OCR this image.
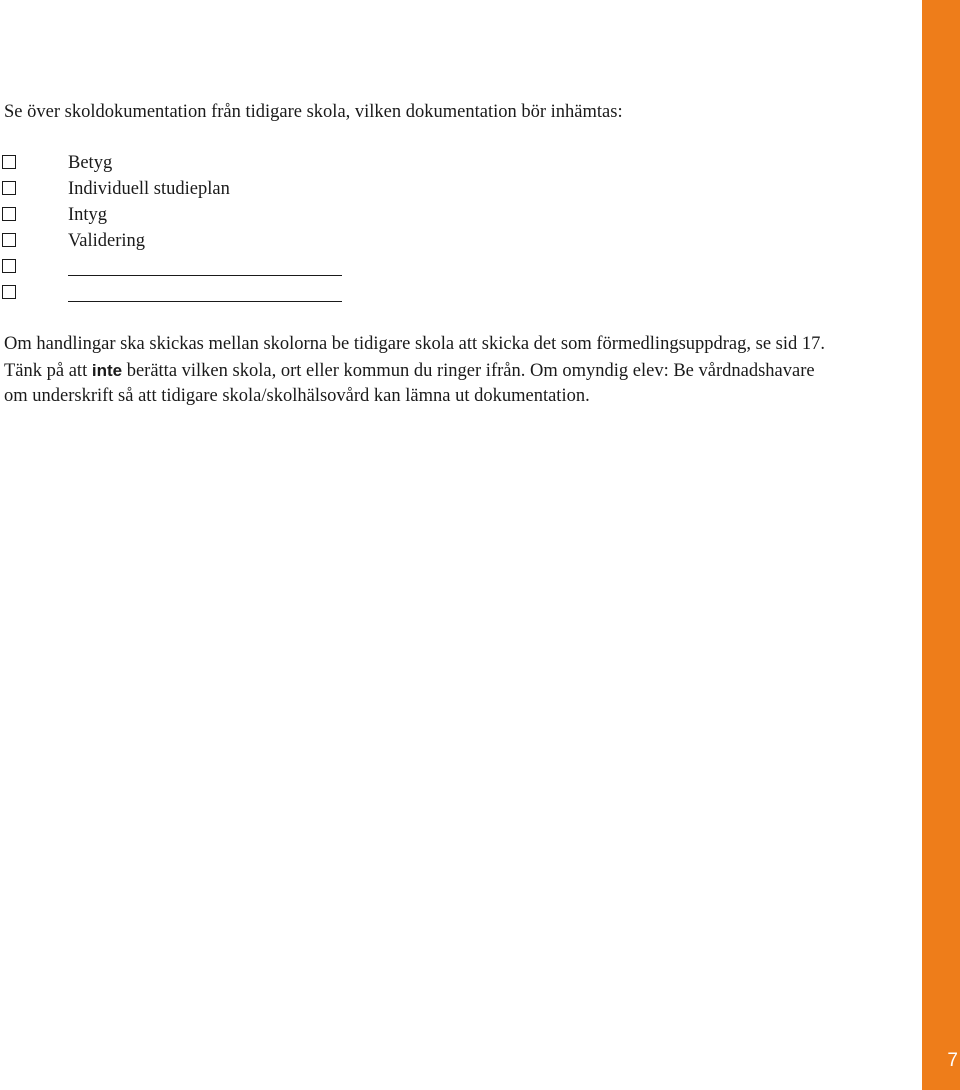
Se över skoldokumentation från tidigare skola, vilken dokumentation bör inhämtas:

Betyg
Individuell studieplan
Intyg
Validering

Om handlingar ska skickas mellan skolorna be tidigare skola att skicka det som förmedlingsuppdrag, se sid 17.
Tänk på att inte berätta vilken skola, ort eller kommun du ringer ifrån. Om omyndig elev: Be vårdnadshavare
om underskrift så att tidigare skola/skolhälsovård kan lämna ut dokumentation.

7
